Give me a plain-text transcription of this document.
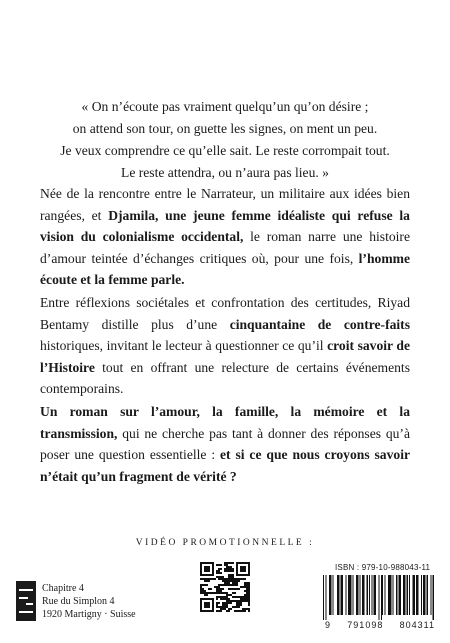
« On n’écoute pas vraiment quelqu’un qu’on désire ;

on attend son tour, on guette les signes, on ment un peu.

Je veux comprendre ce qu’elle sait. Le reste corrompait tout.

Le reste attendra, ou n’aura pas lieu. »

Née de la rencontre entre le Narrateur, un militaire aux idées bien rangées, et Djamila, une jeune femme idéaliste qui refuse la vision du colonialisme occidental, le roman narre une histoire d’amour teintée d’échanges critiques où, pour une fois, l’homme écoute et la femme parle.

Entre réflexions sociétales et confrontation des certitudes, Riyad Bentamy distille plus d’une cinquantaine de contre-faits historiques, invitant le lecteur à questionner ce qu’il croit savoir de l’Histoire tout en offrant une relecture de certains événements contemporains.

Un roman sur l’amour, la famille, la mémoire et la transmission, qui ne cherche pas tant à donner des réponses qu’à poser une question essentielle : et si ce que nous croyons savoir n’était qu’un fragment de vérité ?

VIDÉO PROMOTIONNELLE :
Chapitre 4
Rue du Simplon 4
1920 Martigny · Suisse
ISBN : 979-10-988043-11
9 791098 804311
